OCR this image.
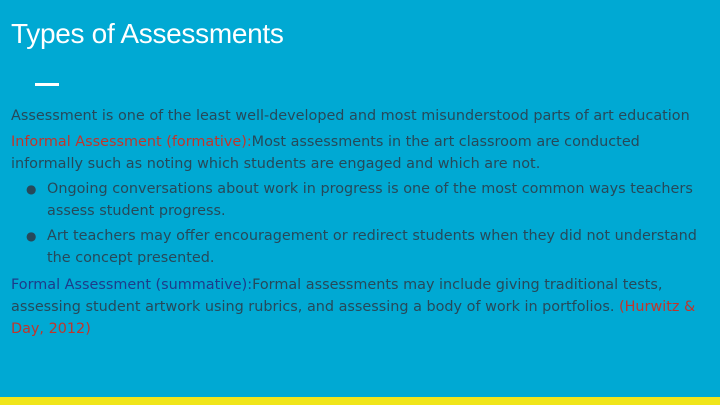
Types of Assessments

Assessment is one of the least well-developed and most misunderstood parts of art education

Informal Assessment (formative):Most assessments in the art classroom are conducted informally such as noting which students are engaged and which are not.

● Ongoing conversations about work in progress is one of the most common ways teachers assess student progress.
● Art teachers may offer encouragement or redirect students when they did not understand the concept presented.

Formal Assessment (summative):Formal assessments may include giving traditional tests, assessing student artwork using rubrics, and assessing a body of work in portfolios. (Hurwitz & Day, 2012)
